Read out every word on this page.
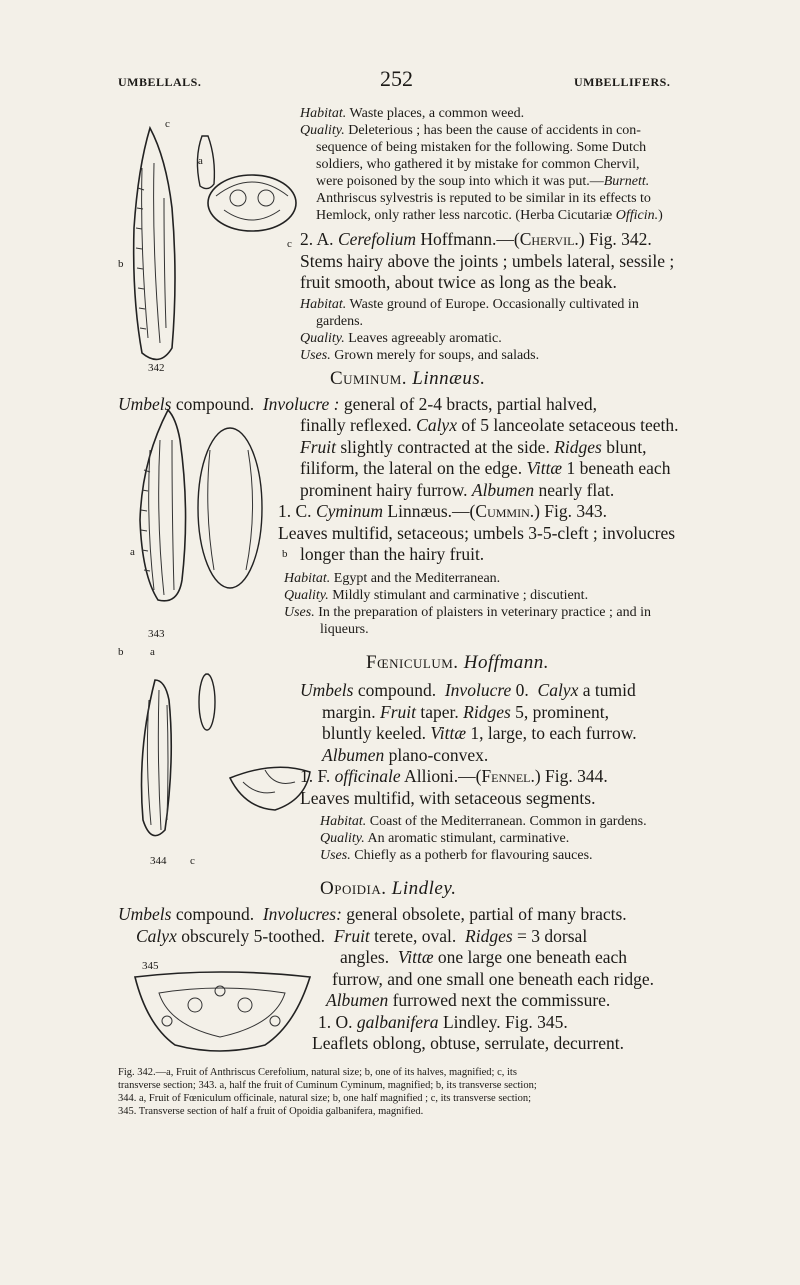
UMBELLALS.	252	UMBELLIFERS.
c
a
b
c
342

Habitat. Waste places, a common weed.

Quality. Deleterious ; has been the cause of accidents in con-

sequence of being mistaken for the following. Some Dutch

soldiers, who gathered it by mistake for common Chervil,

were poisoned by the soup into which it was put.—Burnett.

Anthriscus sylvestris is reputed to be similar in its effects to

Hemlock, only rather less narcotic. (Herba Cicutariæ Officin.)

2. A. Cerefolium Hoffmann.—(Chervil.) Fig. 342.

Stems hairy above the joints ; umbels lateral, sessile ;

fruit smooth, about twice as long as the beak.

Habitat. Waste ground of Europe. Occasionally cultivated in

gardens.

Quality. Leaves agreeably aromatic.

Uses. Grown merely for soups, and salads.

Cuminum. Linnæus.
a	b
343

Umbels compound. Involucre : general of 2-4 bracts, partial halved,

finally reflexed. Calyx of 5 lanceolate setaceous teeth.

Fruit slightly contracted at the side. Ridges blunt,

filiform, the lateral on the edge. Vittæ 1 beneath each

prominent hairy furrow. Albumen nearly flat.

1. C. Cyminum Linnæus.—(Cummin.) Fig. 343.

Leaves multifid, setaceous; umbels 3-5-cleft ; involucres

longer than the hairy fruit.

Habitat. Egypt and the Mediterranean.

Quality. Mildly stimulant and carminative ; discutient.

Uses. In the preparation of plaisters in veterinary practice ; and in

liqueurs.

b a	Fœniculum. Hoffmann.
344 c

Umbels compound. Involucre 0. Calyx a tumid

margin. Fruit taper. Ridges 5, prominent,

bluntly keeled. Vittæ 1, large, to each furrow.

Albumen plano-convex.

1. F. officinale Allioni.—(Fennel.) Fig. 344.

Leaves multifid, with setaceous segments.

Habitat. Coast of the Mediterranean. Common in gardens.

Quality. An aromatic stimulant, carminative.

Uses. Chiefly as a potherb for flavouring sauces.

Opoidia. Lindley.

Umbels compound. Involucres: general obsolete, partial of many bracts.

Calyx obscurely 5-toothed. Fruit terete, oval. Ridges = 3 dorsal

345	angles. Vittæ one large one beneath each

furrow, and one small one beneath each ridge.

Albumen furrowed next the commissure.

1. O. galbanifera Lindley. Fig. 345.

Leaflets oblong, obtuse, serrulate, decurrent.

Fig. 342.—a, Fruit of Anthriscus Cerefolium, natural size; b, one of its halves, magnified; c, its
transverse section; 343. a, half the fruit of Cuminum Cyminum, magnified; b, its transverse section;
344. a, Fruit of Fœniculum officinale, natural size; b, one half magnified ; c, its transverse section;
345. Transverse section of half a fruit of Opoidia galbanifera, magnified.
